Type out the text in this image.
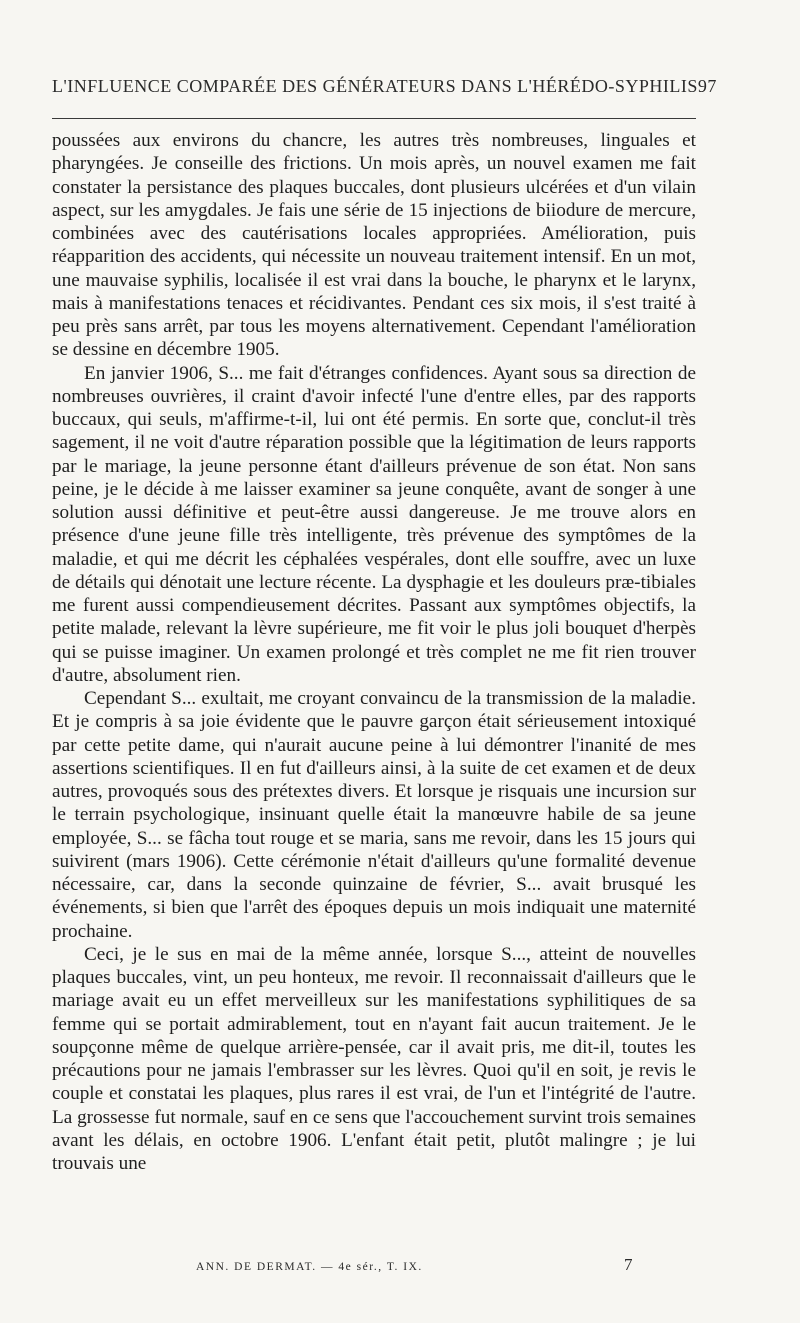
L'INFLUENCE COMPARÉE DES GÉNÉRATEURS DANS L'HÉRÉDO-SYPHILIS 97

poussées aux environs du chancre, les autres très nombreuses, linguales et pharyngées. Je conseille des frictions. Un mois après, un nouvel examen me fait constater la persistance des plaques buccales, dont plusieurs ulcérées et d'un vilain aspect, sur les amygdales. Je fais une série de 15 injections de biiodure de mercure, combinées avec des cautérisations locales appropriées. Amélioration, puis réapparition des accidents, qui nécessite un nouveau traitement intensif. En un mot, une mauvaise syphilis, localisée il est vrai dans la bouche, le pharynx et le larynx, mais à manifestations tenaces et récidivantes. Pendant ces six mois, il s'est traité à peu près sans arrêt, par tous les moyens alternativement. Cependant l'amélioration se dessine en décembre 1905.

En janvier 1906, S... me fait d'étranges confidences. Ayant sous sa direction de nombreuses ouvrières, il craint d'avoir infecté l'une d'entre elles, par des rapports buccaux, qui seuls, m'affirme-t-il, lui ont été permis. En sorte que, conclut-il très sagement, il ne voit d'autre réparation possible que la légitimation de leurs rapports par le mariage, la jeune personne étant d'ailleurs prévenue de son état. Non sans peine, je le décide à me laisser examiner sa jeune conquête, avant de songer à une solution aussi définitive et peut-être aussi dangereuse. Je me trouve alors en présence d'une jeune fille très intelligente, très prévenue des symptômes de la maladie, et qui me décrit les céphalées vespérales, dont elle souffre, avec un luxe de détails qui dénotait une lecture récente. La dysphagie et les douleurs præ-tibiales me furent aussi compendieusement décrites. Passant aux symptômes objectifs, la petite malade, relevant la lèvre supérieure, me fit voir le plus joli bouquet d'herpès qui se puisse imaginer. Un examen prolongé et très complet ne me fit rien trouver d'autre, absolument rien.

Cependant S... exultait, me croyant convaincu de la transmission de la maladie. Et je compris à sa joie évidente que le pauvre garçon était sérieusement intoxiqué par cette petite dame, qui n'aurait aucune peine à lui démontrer l'inanité de mes assertions scientifiques. Il en fut d'ailleurs ainsi, à la suite de cet examen et de deux autres, provoqués sous des prétextes divers. Et lorsque je risquais une incursion sur le terrain psychologique, insinuant quelle était la manœuvre habile de sa jeune employée, S... se fâcha tout rouge et se maria, sans me revoir, dans les 15 jours qui suivirent (mars 1906). Cette cérémonie n'était d'ailleurs qu'une formalité devenue nécessaire, car, dans la seconde quinzaine de février, S... avait brusqué les événements, si bien que l'arrêt des époques depuis un mois indiquait une maternité prochaine.

Ceci, je le sus en mai de la même année, lorsque S..., atteint de nouvelles plaques buccales, vint, un peu honteux, me revoir. Il reconnaissait d'ailleurs que le mariage avait eu un effet merveilleux sur les manifestations syphilitiques de sa femme qui se portait admirablement, tout en n'ayant fait aucun traitement. Je le soupçonne même de quelque arrière-pensée, car il avait pris, me dit-il, toutes les précautions pour ne jamais l'embrasser sur les lèvres. Quoi qu'il en soit, je revis le couple et constatai les plaques, plus rares il est vrai, de l'un et l'intégrité de l'autre. La grossesse fut normale, sauf en ce sens que l'accouchement survint trois semaines avant les délais, en octobre 1906. L'enfant était petit, plutôt malingre ; je lui trouvais une

ANN. DE DERMAT. — 4e sér., T. IX.	7
